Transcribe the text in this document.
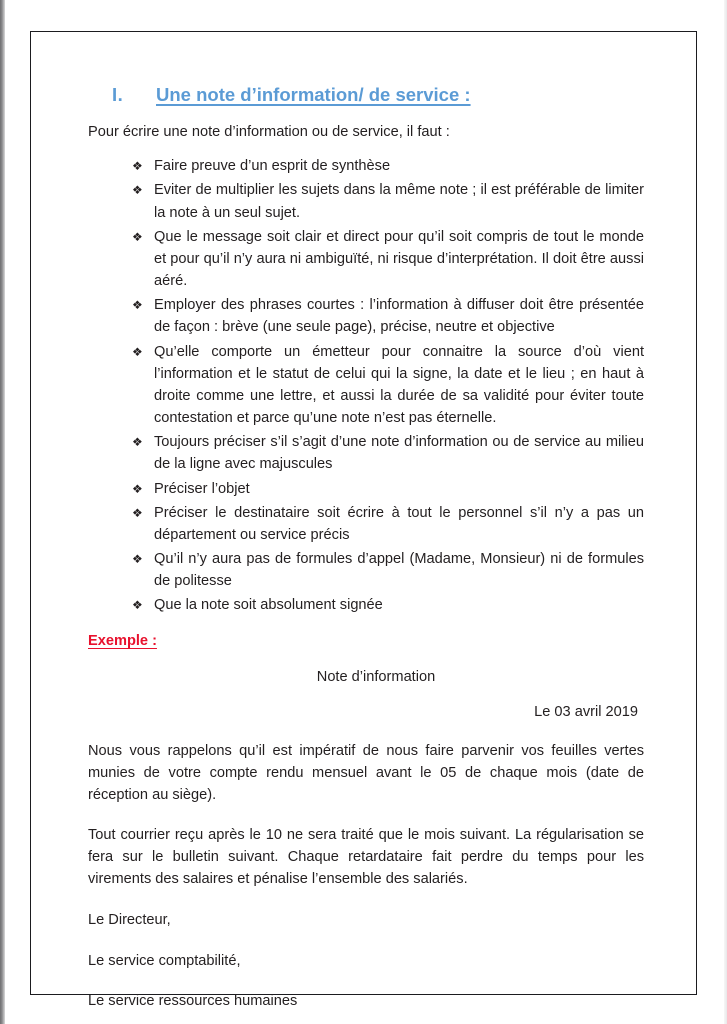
I.	Une note d’information/ de service :

Pour écrire une note d’information ou de service, il faut :

❖ Faire preuve d’un esprit de synthèse
❖ Eviter de multiplier les sujets dans la même note ; il est préférable de limiter la note à un seul sujet.
❖ Que le message soit clair et direct pour qu’il soit compris de tout le monde et pour qu’il n’y aura ni ambiguïté, ni risque d’interprétation. Il doit être aussi aéré.
❖ Employer des phrases courtes : l’information à diffuser doit être présentée de façon : brève (une seule page), précise, neutre et objective
❖ Qu’elle comporte un émetteur pour connaitre la source d’où vient l’information et le statut de celui qui la signe, la date et le lieu ; en haut à droite comme une lettre, et aussi la durée de sa validité pour éviter toute contestation et parce qu’une note n’est pas éternelle.
❖ Toujours préciser s’il s’agit d’une note d’information ou de service au milieu de la ligne avec majuscules
❖ Préciser l’objet
❖ Préciser le destinataire soit écrire à tout le personnel s’il n’y a pas un département ou service précis
❖ Qu’il n’y aura pas de formules d’appel (Madame, Monsieur) ni de formules de politesse
❖ Que la note soit absolument signée

Exemple :

Note d’information

Le 03 avril 2019

Nous vous rappelons qu’il est impératif de nous faire parvenir vos feuilles vertes munies de votre compte rendu mensuel avant le 05 de chaque mois (date de réception au siège).

Tout courrier reçu après le 10 ne sera traité que le mois suivant. La régularisation se fera sur le bulletin suivant. Chaque retardataire fait perdre du temps pour les virements des salaires et pénalise l’ensemble des salariés.

Le Directeur,

Le service comptabilité,

Le service ressources humaines
